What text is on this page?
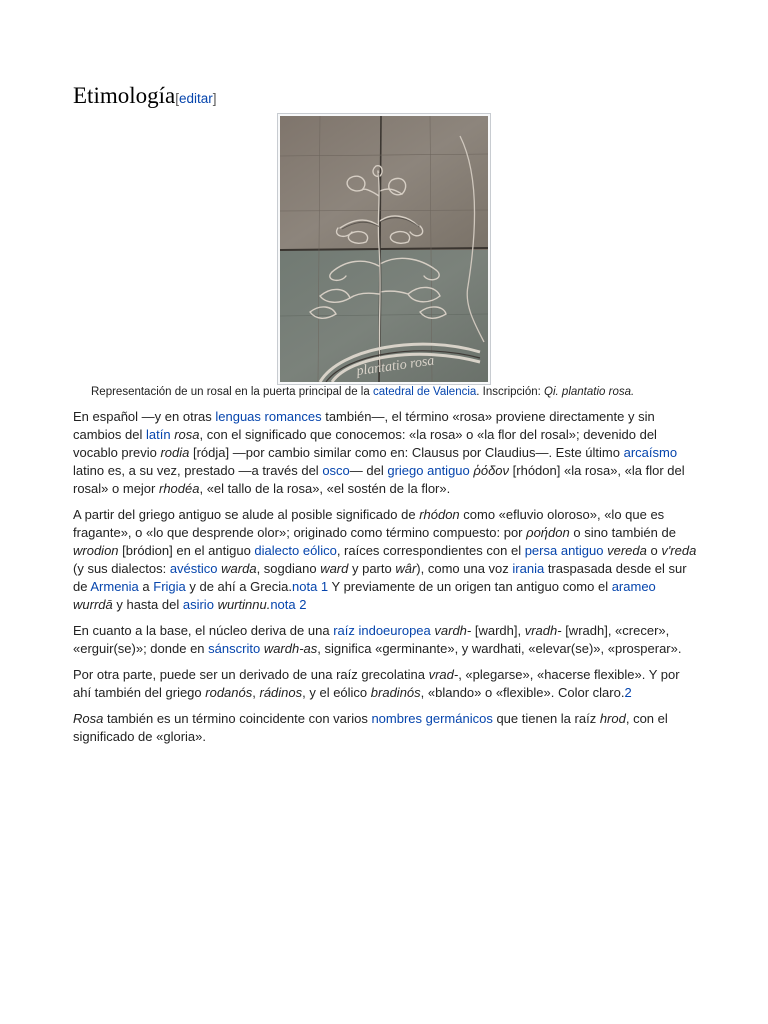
Etimología[editar]
plantatio rosa
Representación de un rosal en la puerta principal de la catedral de Valencia. Inscripción: Qi. plantatio rosa.

En español —y en otras lenguas romances también—, el término «rosa» proviene directamente y sin cambios del latín rosa, con el significado que conocemos: «la rosa» o «la flor del rosal»; devenido del vocablo previo rodia [ródja] —por cambio similar como en: Clausus por Claudius—. Este último arcaísmo latino es, a su vez, prestado —a través del osco— del griego antiguo ῥόδον [rhódon] «la rosa», «la flor del rosal» o mejor rhodéa, «el tallo de la rosa», «el sostén de la flor».

A partir del griego antiguo se alude al posible significado de rhódon como «efluvio oloroso», «lo que es fragante», o «lo que desprende olor»; originado como término compuesto: por ροήdon o sino también de wrodion [bródion] en el antiguo dialecto eólico, raíces correspondientes con el persa antiguo vereda o v'reda (y sus dialectos: avéstico warda, sogdiano ward y parto wâr), como una voz irania traspasada desde el sur de Armenia a Frigia y de ahí a Grecia.nota 1 Y previamente de un origen tan antiguo como el arameo wurrdā y hasta del asirio wurtinnu.nota 2

En cuanto a la base, el núcleo deriva de una raíz indoeuropea vardh- [wardh], vradh- [wradh], «crecer», «erguir(se)»; donde en sánscrito wardh-as, significa «germinante», y wardhati, «elevar(se)», «prosperar».

Por otra parte, puede ser un derivado de una raíz grecolatina vrad-, «plegarse», «hacerse flexible». Y por ahí también del griego rodanós, rádinos, y el eólico bradinós, «blando» o «flexible». Color claro.2

Rosa también es un término coincidente con varios nombres germánicos que tienen la raíz hrod, con el significado de «gloria».
